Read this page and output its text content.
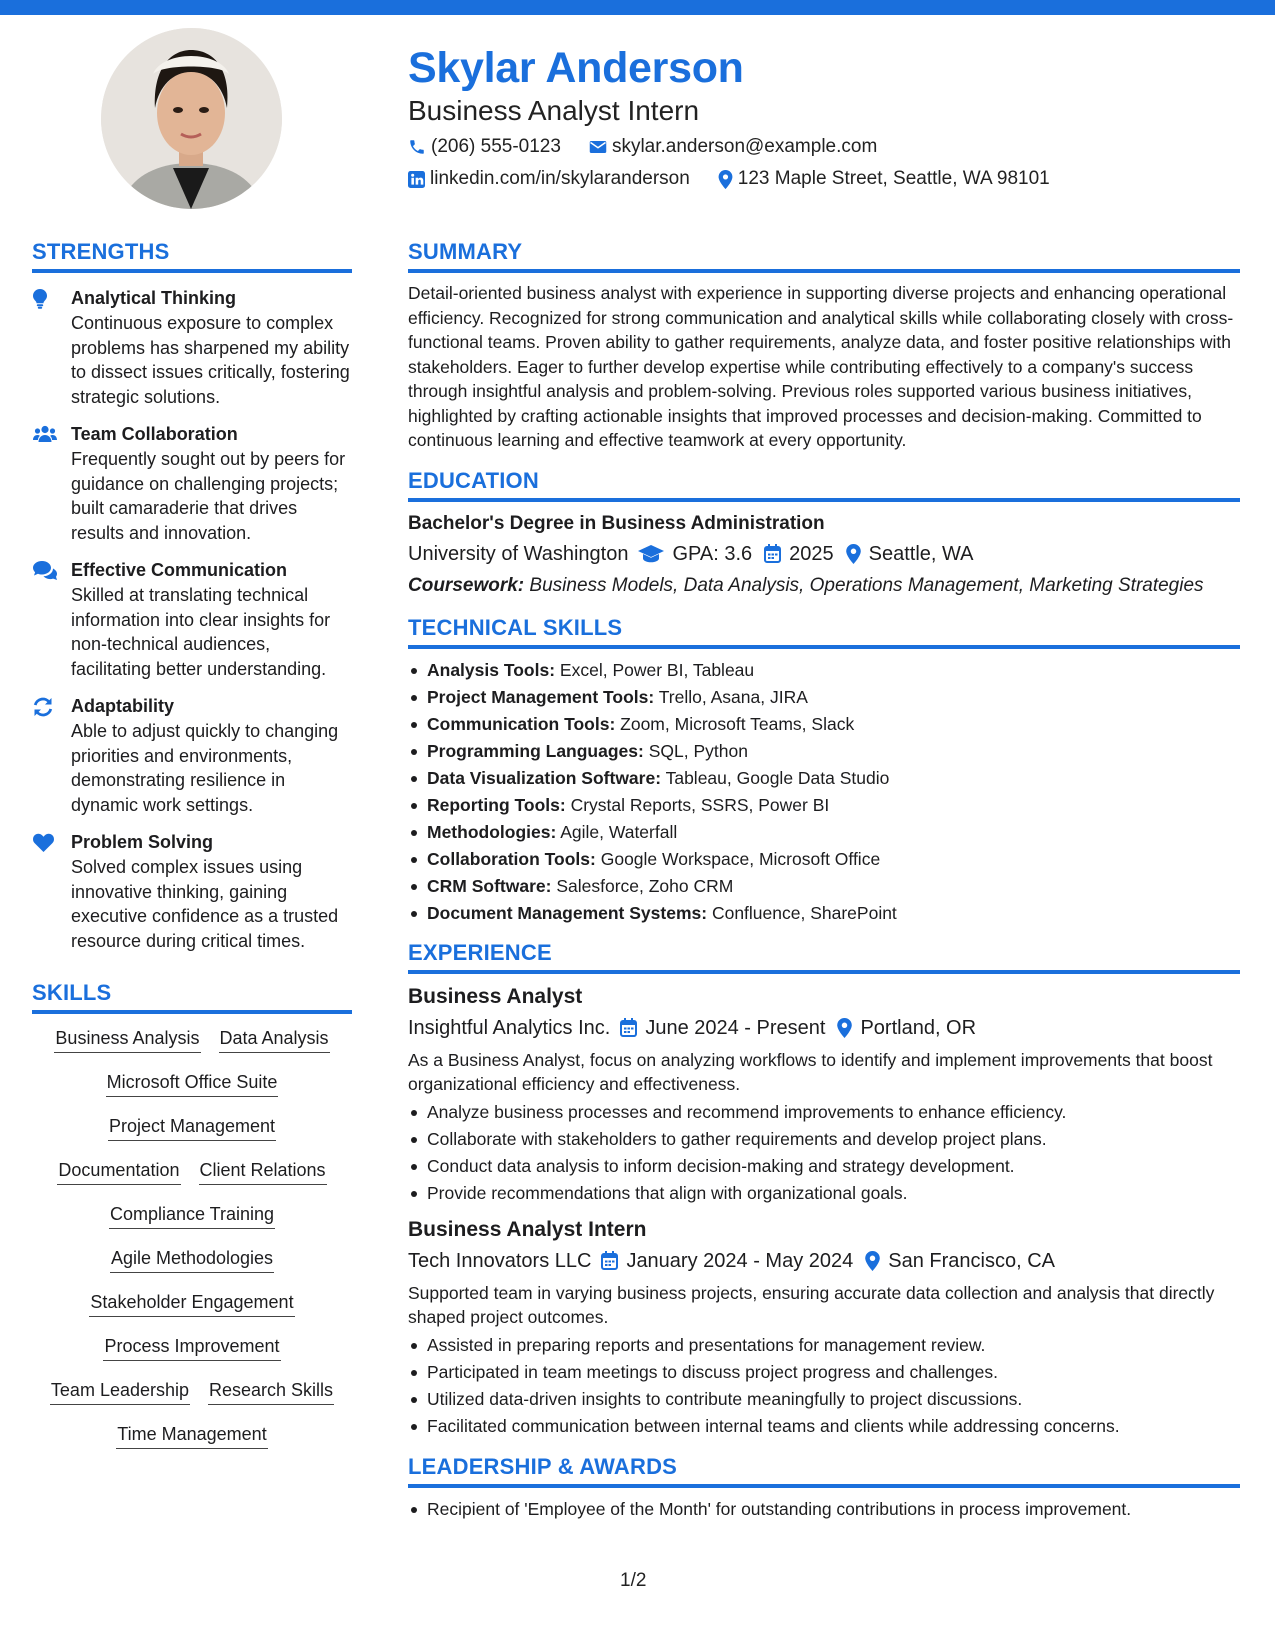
Skylar Anderson
Business Analyst Intern
(206) 555-0123	skylar.anderson@example.com
linkedin.com/in/skylaranderson	123 Maple Street, Seattle, WA 98101
STRENGTHS
Analytical Thinking
Continuous exposure to complex problems has sharpened my ability to dissect issues critically, fostering strategic solutions.
Team Collaboration
Frequently sought out by peers for guidance on challenging projects; built camaraderie that drives results and innovation.
Effective Communication
Skilled at translating technical information into clear insights for non-technical audiences, facilitating better understanding.
Adaptability
Able to adjust quickly to changing priorities and environments, demonstrating resilience in dynamic work settings.
Problem Solving
Solved complex issues using innovative thinking, gaining executive confidence as a trusted resource during critical times.
SKILLS
Business Analysis Data Analysis
Microsoft Office Suite
Project Management
Documentation Client Relations
Compliance Training
Agile Methodologies
Stakeholder Engagement
Process Improvement
Team Leadership Research Skills
Time Management
SUMMARY
Detail-oriented business analyst with experience in supporting diverse projects and enhancing operational efficiency. Recognized for strong communication and analytical skills while collaborating closely with cross-functional teams. Proven ability to gather requirements, analyze data, and foster positive relationships with stakeholders. Eager to further develop expertise while contributing effectively to a company's success through insightful analysis and problem-solving. Previous roles supported various business initiatives, highlighted by crafting actionable insights that improved processes and decision-making. Committed to continuous learning and effective teamwork at every opportunity.
EDUCATION
Bachelor's Degree in Business Administration
University of Washington GPA: 3.6 2025 Seattle, WA
Coursework: Business Models, Data Analysis, Operations Management, Marketing Strategies
TECHNICAL SKILLS
Analysis Tools: Excel, Power BI, Tableau
Project Management Tools: Trello, Asana, JIRA
Communication Tools: Zoom, Microsoft Teams, Slack
Programming Languages: SQL, Python
Data Visualization Software: Tableau, Google Data Studio
Reporting Tools: Crystal Reports, SSRS, Power BI
Methodologies: Agile, Waterfall
Collaboration Tools: Google Workspace, Microsoft Office
CRM Software: Salesforce, Zoho CRM
Document Management Systems: Confluence, SharePoint
EXPERIENCE
Business Analyst
Insightful Analytics Inc. June 2024 - Present Portland, OR
As a Business Analyst, focus on analyzing workflows to identify and implement improvements that boost organizational efficiency and effectiveness.
Analyze business processes and recommend improvements to enhance efficiency.
Collaborate with stakeholders to gather requirements and develop project plans.
Conduct data analysis to inform decision-making and strategy development.
Provide recommendations that align with organizational goals.
Business Analyst Intern
Tech Innovators LLC January 2024 - May 2024 San Francisco, CA
Supported team in varying business projects, ensuring accurate data collection and analysis that directly shaped project outcomes.
Assisted in preparing reports and presentations for management review.
Participated in team meetings to discuss project progress and challenges.
Utilized data-driven insights to contribute meaningfully to project discussions.
Facilitated communication between internal teams and clients while addressing concerns.
LEADERSHIP & AWARDS
Recipient of 'Employee of the Month' for outstanding contributions in process improvement.
1/2
